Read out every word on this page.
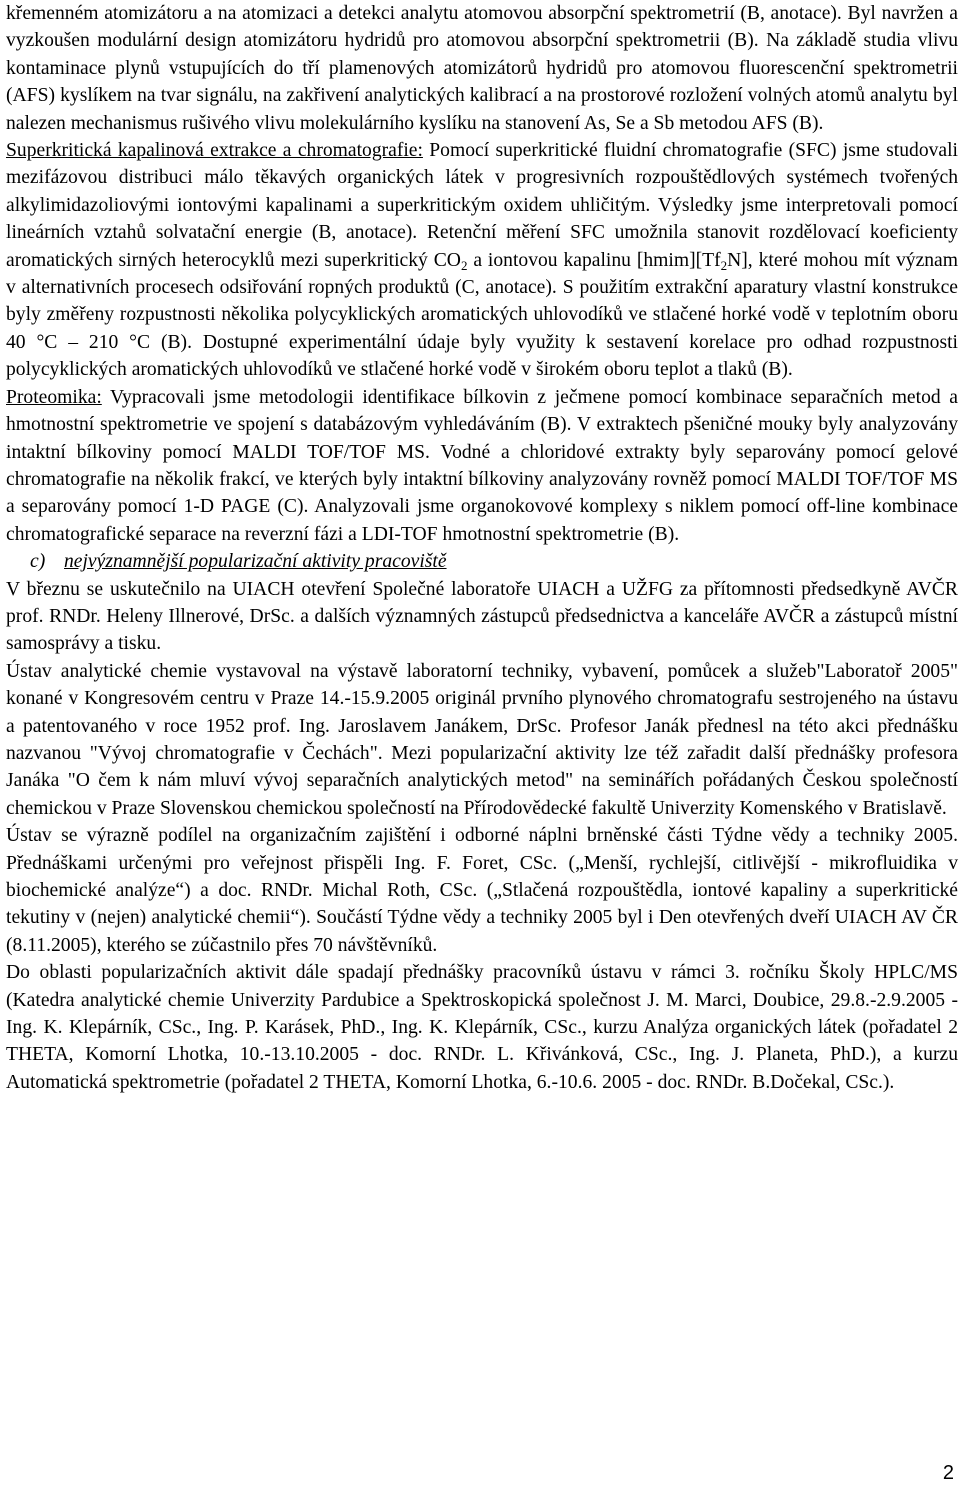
křemenném atomizátoru a na atomizaci a detekci analytu atomovou absorpční spektrometrií (B, anotace). Byl navržen a vyzkoušen modulární design atomizátoru hydridů pro atomovou absorpční spektrometrii (B). Na základě studia vlivu kontaminace plynů vstupujících do tří plamenových atomizátorů hydridů pro atomovou fluorescenční spektrometrii (AFS) kyslíkem na tvar signálu, na zakřivení analytických kalibrací a na prostorové rozložení volných atomů analytu byl nalezen mechanismus rušivého vlivu molekulárního kyslíku na stanovení As, Se a Sb metodou AFS (B).

Superkritická kapalinová extrakce a chromatografie: Pomocí superkritické fluidní chromatografie (SFC) jsme studovali mezifázovou distribuci málo těkavých organických látek v progresivních rozpouštědlových systémech tvořených alkylimidazoliovými iontovými kapalinami a superkritickým oxidem uhličitým. Výsledky jsme interpretovali pomocí lineárních vztahů solvatační energie (B, anotace). Retenční měření SFC umožnila stanovit rozdělovací koeficienty aromatických sirných heterocyklů mezi superkritický $CO_2$ a iontovou kapalinu $[hmim][Tf_2N]$, které mohou mít význam v alternativních procesech odsiřování ropných produktů (C, anotace). S použitím extrakční aparatury vlastní konstrukce byly změřeny rozpustnosti několika polycyklických aromatických uhlovodíků ve stlačené horké vodě v teplotním oboru 40 °C – 210 °C (B). Dostupné experimentální údaje byly využity k sestavení korelace pro odhad rozpustnosti polycyklických aromatických uhlovodíků ve stlačené horké vodě v širokém oboru teplot a tlaků (B).

Proteomika: Vypracovali jsme metodologii identifikace bílkovin z ječmene pomocí kombinace separačních metod a hmotnostní spektrometrie ve spojení s databázovým vyhledáváním (B). V extraktech pšeničné mouky byly analyzovány intaktní bílkoviny pomocí MALDI TOF/TOF MS. Vodné a chloridové extrakty byly separovány pomocí gelové chromatografie na několik frakcí, ve kterých byly intaktní bílkoviny analyzovány rovněž pomocí MALDI TOF/TOF MS a separovány pomocí 1-D PAGE (C). Analyzovali jsme organokovové komplexy s niklem pomocí off-line kombinace chromatografické separace na reverzní fázi a LDI-TOF hmotnostní spektrometrie (B).

c) nejvýznamnější popularizační aktivity pracoviště

V březnu se uskutečnilo na UIACH otevření Společné laboratoře UIACH a UŽFG za přítomnosti předsedkyně AVČR prof. RNDr. Heleny Illnerové, DrSc. a dalších významných zástupců předsednictva a kanceláře AVČR a zástupců místní samosprávy a tisku.

Ústav analytické chemie vystavoval na výstavě laboratorní techniky, vybavení, pomůcek a služeb"Laboratoř 2005" konané v Kongresovém centru v Praze 14.-15.9.2005 originál prvního plynového chromatografu sestrojeného na ústavu a patentovaného v roce 1952 prof. Ing. Jaroslavem Janákem, DrSc. Profesor Janák přednesl na této akci přednášku nazvanou "Vývoj chromatografie v Čechách". Mezi popularizační aktivity lze též zařadit další přednášky profesora Janáka "O čem k nám mluví vývoj separačních analytických metod" na seminářích pořádaných Českou společností chemickou v Praze Slovenskou chemickou společností na Přírodovědecké fakultě Univerzity Komenského v Bratislavě.

Ústav se výrazně podílel na organizačním zajištění i odborné náplni brněnské části Týdne vědy a techniky 2005. Přednáškami určenými pro veřejnost přispěli Ing. F. Foret, CSc. („Menší, rychlejší, citlivější - mikrofluidika v biochemické analýze“) a doc. RNDr. Michal Roth, CSc. („Stlačená rozpouštědla, iontové kapaliny a superkritické tekutiny v (nejen) analytické chemii“). Součástí Týdne vědy a techniky 2005 byl i Den otevřených dveří UIACH AV ČR (8.11.2005), kterého se zúčastnilo přes 70 návštěvníků.

Do oblasti popularizačních aktivit dále spadají přednášky pracovníků ústavu v rámci 3. ročníku Školy HPLC/MS (Katedra analytické chemie Univerzity Pardubice a Spektroskopická společnost J. M. Marci, Doubice, 29.8.-2.9.2005 -Ing. K. Klepárník, CSc., Ing. P. Karásek, PhD., Ing. K. Klepárník, CSc., kurzu Analýza organických látek (pořadatel 2 THETA, Komorní Lhotka, 10.-13.10.2005 - doc. RNDr. L. Křivánková, CSc., Ing. J. Planeta, PhD.), a kurzu Automatická spektrometrie (pořadatel 2 THETA, Komorní Lhotka, 6.-10.6. 2005 - doc. RNDr. B.Dočekal, CSc.).

2
